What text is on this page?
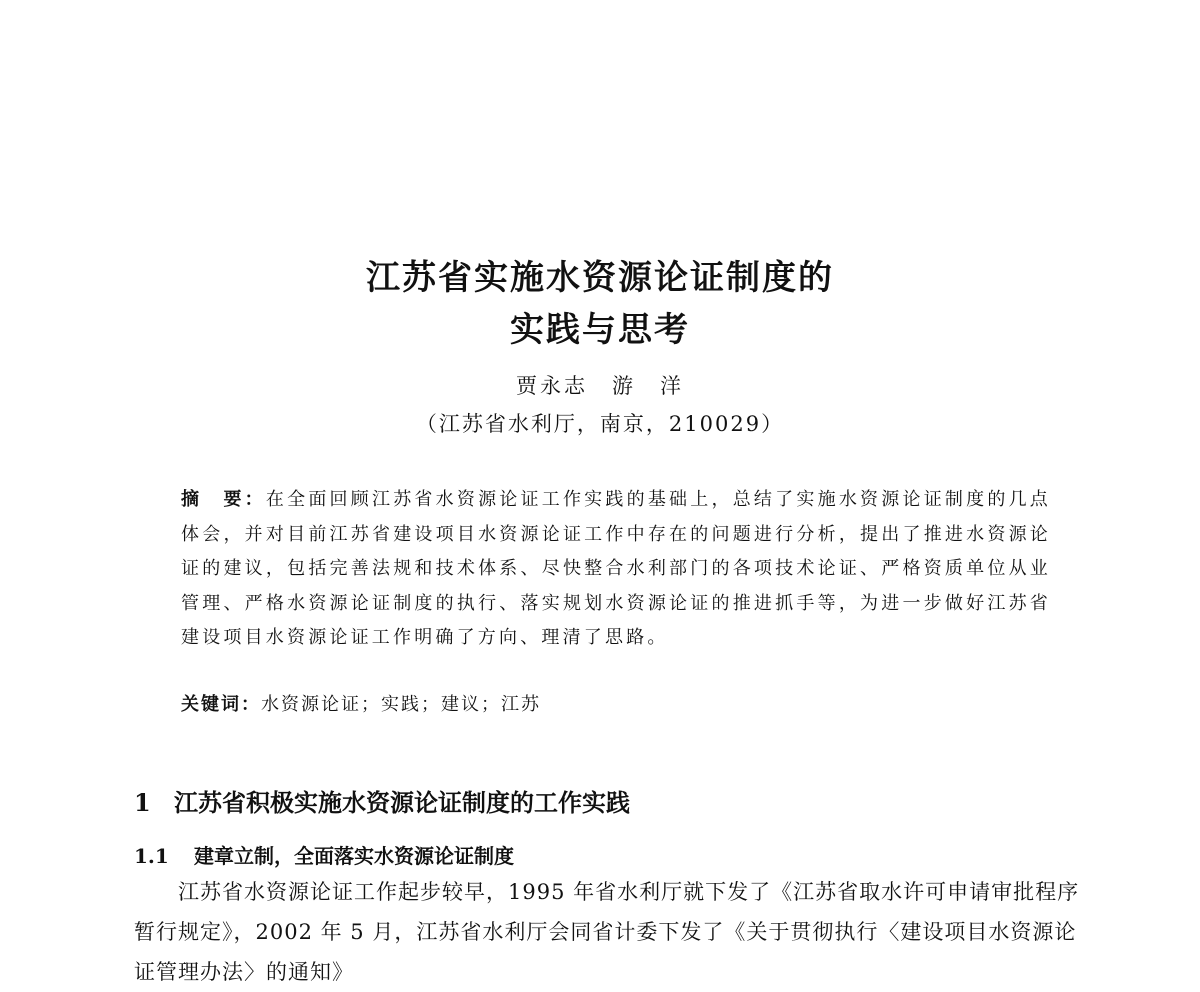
江苏省实施水资源论证制度的
实践与思考
贾永志　游　洋
（江苏省水利厅，南京，210029）

摘　要：在全面回顾江苏省水资源论证工作实践的基础上，总结了实施水资源论证制度的几点体会，并对目前江苏省建设项目水资源论证工作中存在的问题进行分析，提出了推进水资源论证的建议，包括完善法规和技术体系、尽快整合水利部门的各项技术论证、严格资质单位从业管理、严格水资源论证制度的执行、落实规划水资源论证的推进抓手等，为进一步做好江苏省建设项目水资源论证工作明确了方向、理清了思路。

关键词：水资源论证；实践；建议；江苏

1 江苏省积极实施水资源论证制度的工作实践
1.1 建章立制，全面落实水资源论证制度

江苏省水资源论证工作起步较早，1995 年省水利厅就下发了《江苏省取水许可申请审批程序暂行规定》，2002 年 5 月，江苏省水利厅会同省计委下发了《关于贯彻执行〈建设项目水资源论证管理办法〉的通知》
